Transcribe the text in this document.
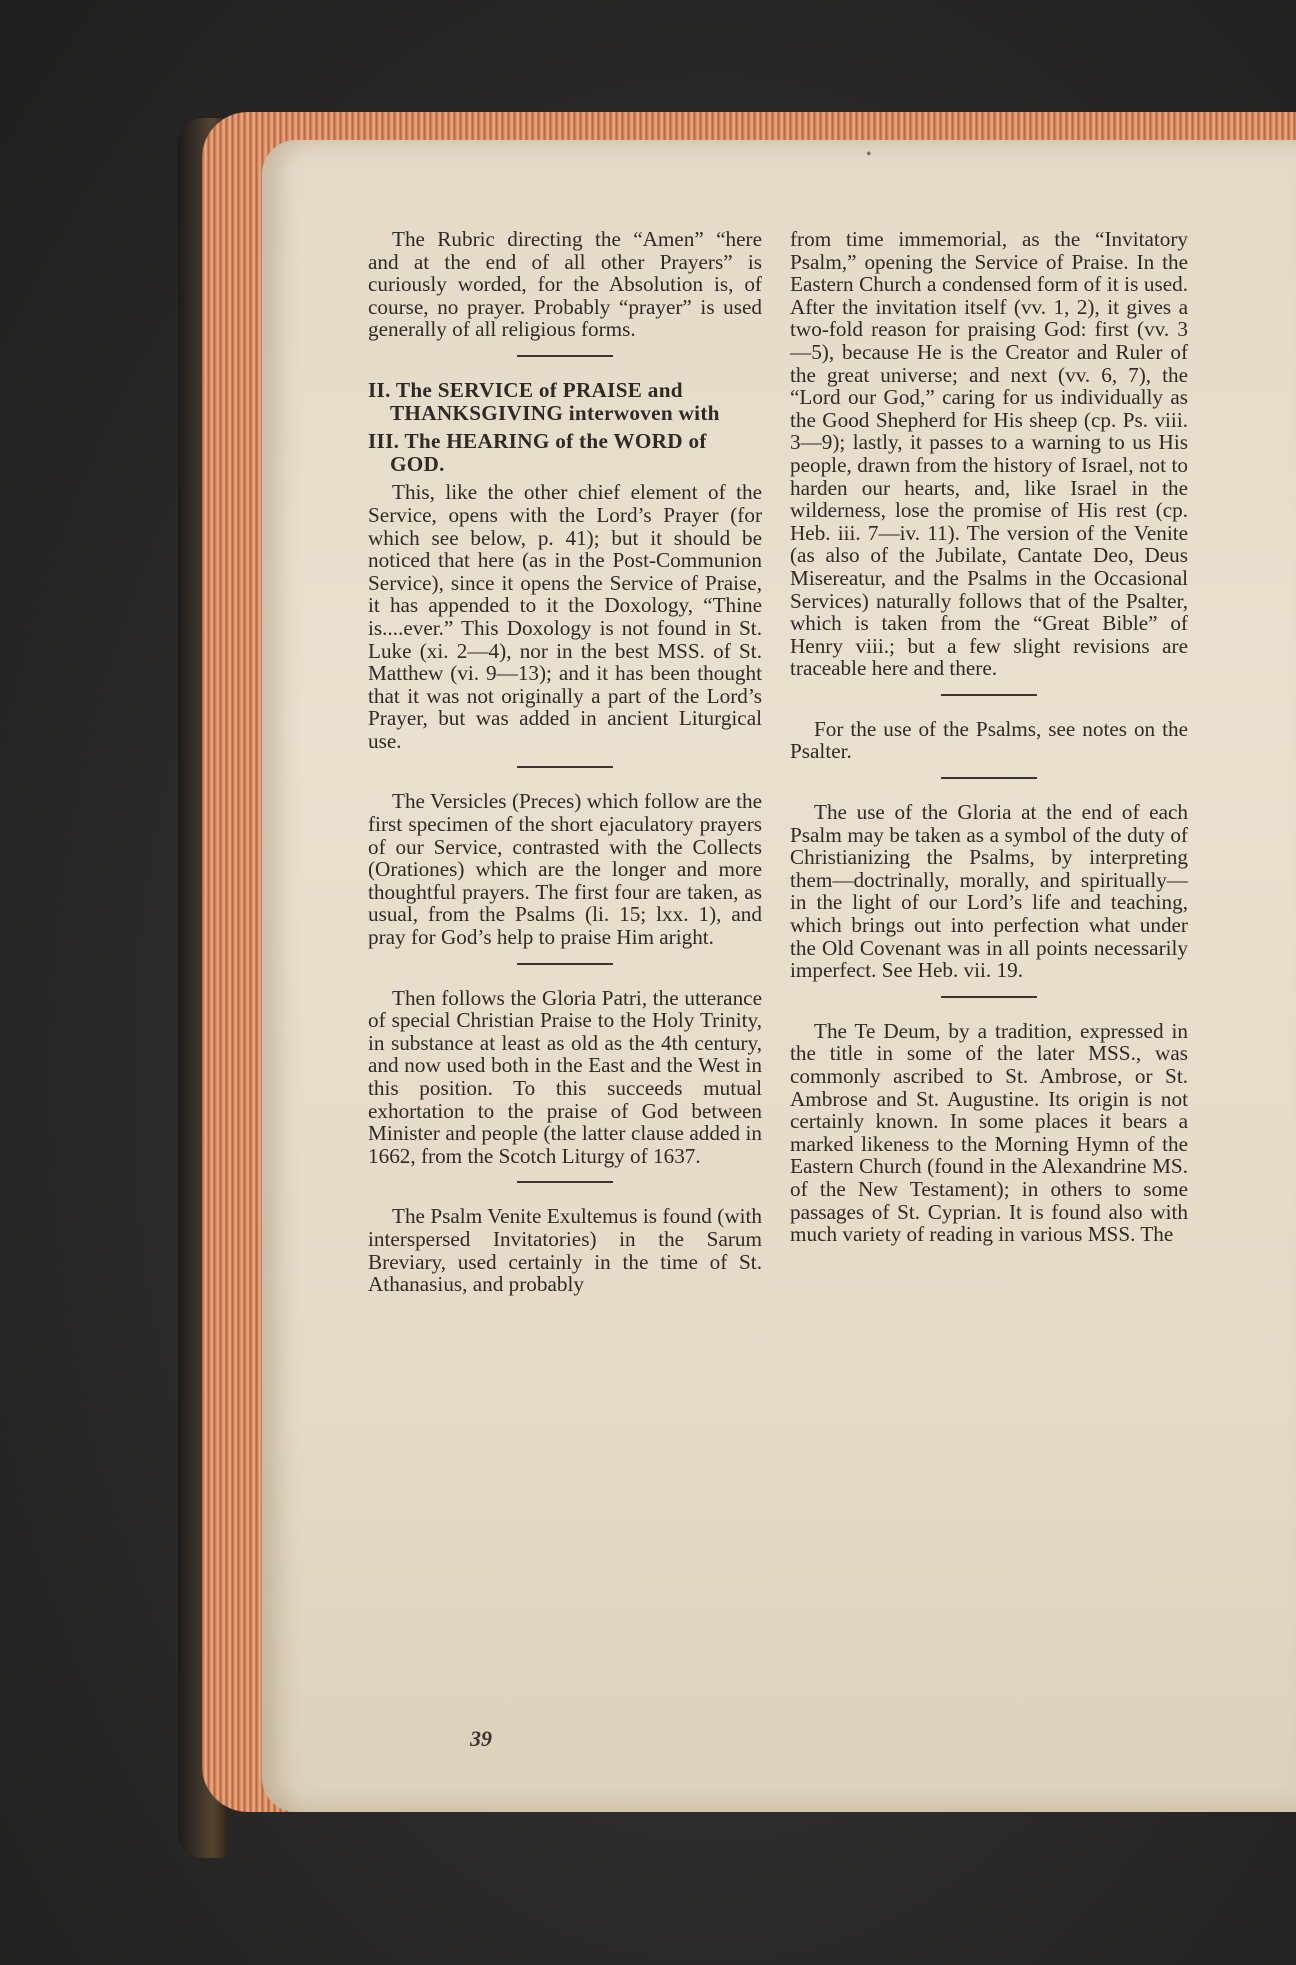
•

The Rubric directing the “Amen” “here and at the end of all other Prayers” is curiously worded, for the Absolution is, of course, no prayer. Probably “prayer” is used generally of all religious forms.

II. The SERVICE of PRAISE and THANKSGIVING interwoven with
III. The HEARING of the WORD of GOD.

This, like the other chief element of the Service, opens with the Lord’s Prayer (for which see below, p. 41); but it should be noticed that here (as in the Post-Communion Service), since it opens the Service of Praise, it has appended to it the Doxology, “Thine is....ever.” This Doxology is not found in St. Luke (xi. 2—4), nor in the best MSS. of St. Matthew (vi. 9—13); and it has been thought that it was not originally a part of the Lord’s Prayer, but was added in ancient Liturgical use.

The Versicles (Preces) which follow are the first specimen of the short ejaculatory prayers of our Service, contrasted with the Collects (Orationes) which are the longer and more thoughtful prayers. The first four are taken, as usual, from the Psalms (li. 15; lxx. 1), and pray for God’s help to praise Him aright.

Then follows the Gloria Patri, the utterance of special Christian Praise to the Holy Trinity, in substance at least as old as the 4th century, and now used both in the East and the West in this position. To this succeeds mutual exhortation to the praise of God between Minister and people (the latter clause added in 1662, from the Scotch Liturgy of 1637.

The Psalm Venite Exultemus is found (with interspersed Invitatories) in the Sarum Breviary, used certainly in the time of St. Athanasius, and probably

from time immemorial, as the “Invitatory Psalm,” opening the Service of Praise. In the Eastern Church a condensed form of it is used. After the invitation itself (vv. 1, 2), it gives a two-fold reason for praising God: first (vv. 3—5), because He is the Creator and Ruler of the great universe; and next (vv. 6, 7), the “Lord our God,” caring for us individually as the Good Shepherd for His sheep (cp. Ps. viii. 3—9); lastly, it passes to a warning to us His people, drawn from the history of Israel, not to harden our hearts, and, like Israel in the wilderness, lose the promise of His rest (cp. Heb. iii. 7—iv. 11). The version of the Venite (as also of the Jubilate, Cantate Deo, Deus Misereatur, and the Psalms in the Occasional Services) naturally follows that of the Psalter, which is taken from the “Great Bible” of Henry viii.; but a few slight revisions are traceable here and there.

For the use of the Psalms, see notes on the Psalter.

The use of the Gloria at the end of each Psalm may be taken as a symbol of the duty of Christianizing the Psalms, by interpreting them—doctrinally, morally, and spiritually—in the light of our Lord’s life and teaching, which brings out into perfection what under the Old Covenant was in all points necessarily imperfect. See Heb. vii. 19.

The Te Deum, by a tradition, expressed in the title in some of the later MSS., was commonly ascribed to St. Ambrose, or St. Ambrose and St. Augustine. Its origin is not certainly known. In some places it bears a marked likeness to the Morning Hymn of the Eastern Church (found in the Alexandrine MS. of the New Testament); in others to some passages of St. Cyprian. It is found also with much variety of reading in various MSS. The

39
